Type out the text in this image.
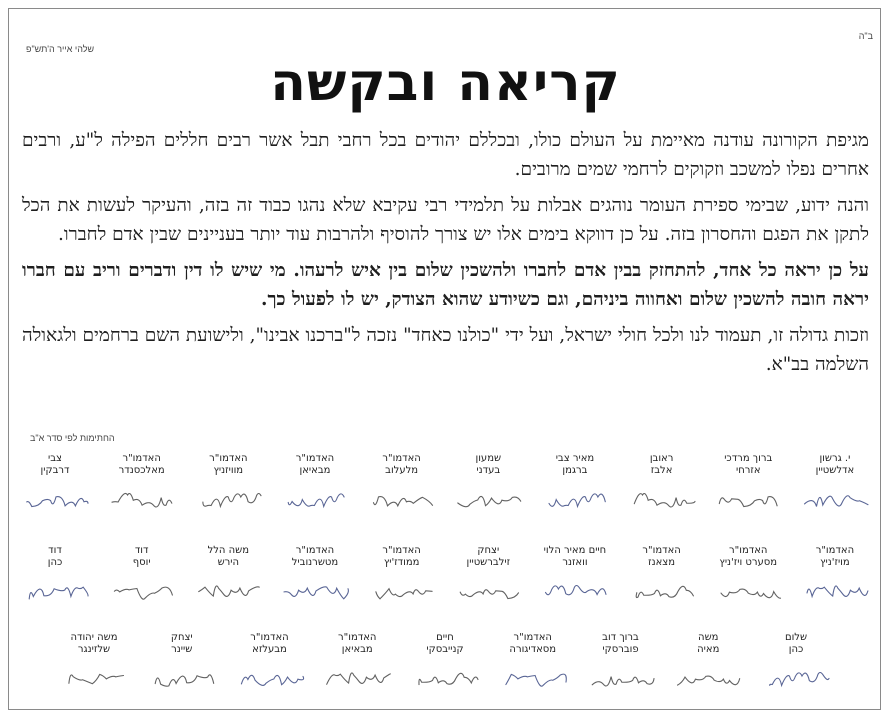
ב"ה
שלהי אייר ה'תש"פ
קריאה ובקשה

מגיפת הקורונה עודנה מאיימת על העולם כולו, ובכללם יהודים בכל רחבי תבל אשר רבים חללים הפילה ל"ע, ורבים אחרים נפלו למשכב וזקוקים לרחמי שמים מרובים.

והנה ידוע, שבימי ספירת העומר נוהגים אבלות על תלמידי רבי עקיבא שלא נהגו כבוד זה בזה, והעיקר לעשות את הכל לתקן את הפגם והחסרון בזה. על כן דווקא בימים אלו יש צורך להוסיף ולהרבות עוד יותר בעניינים שבין אדם לחברו.

על כן יראה כל אחד, להתחזק בבין אדם לחברו ולהשכין שלום בין איש לרעהו. מי שיש לו דין ודברים וריב עם חברו יראה חובה להשכין שלום ואחווה ביניהם, וגם כשיודע שהוא הצודק, יש לו לפעול כך.

וזכות גדולה זו, תעמוד לנו ולכל חולי ישראל, ועל ידי "כולנו כאחד" נזכה ל"ברכנו אבינו", ולישועת השם ברחמים ולגאולה השלמה בב"א.

החתימות לפי סדר א"ב
י. גרשון
אדלשטיין
ברוך מרדכי
אזרחי
ראובן
אלבז
מאיר צבי
ברגמן
שמעון
בעדני
האדמו"ר
מלעלוב
האדמו"ר
מבאיאן
האדמו"ר
מוויזניץ
האדמו"ר
מאלכסנדר
צבי
דרבקין
האדמו"ר
מויז'ניץ
האדמו"ר
מסערט ויז'ניץ
האדמו"ר
מצאנז
חיים מאיר הלוי
וואזנר
יצחק
זילברשטיין
האדמו"ר
ממודז'יץ
האדמו"ר
מטשרנוביל
משה הלל
הירש
דוד
יוסף
דוד
כהן
שלום
כהן
משה
מאיה
ברוך דוב
פוברסקי
האדמו"ר
מסאדיגורה
חיים
קנייבסקי
האדמו"ר
מבאיאן
האדמו"ר
מבעלזא
יצחק
שיינר
משה יהודה
שלזינגר
